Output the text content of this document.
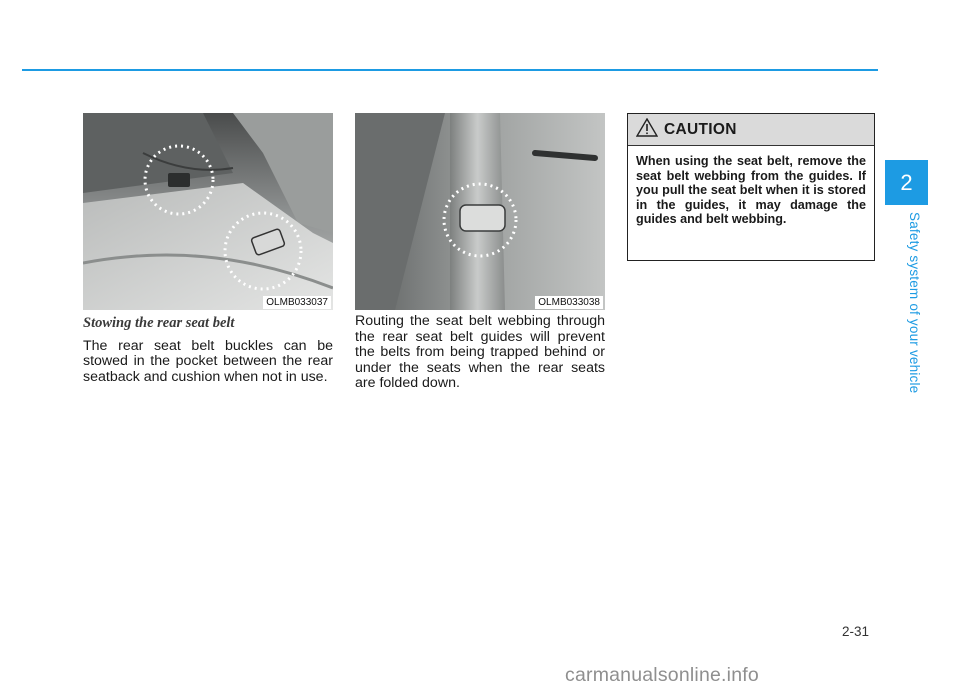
OLMB033037	OLMB033038
Stowing the rear seat belt

The rear seat belt buckles can be stowed in the pocket between the rear seatback and cushion when not in use.

Routing the seat belt webbing through the rear seat belt guides will prevent the belts from being trapped behind or under the seats when the rear seats are folded down.

CAUTION
When using the seat belt, remove the seat belt webbing from the guides. If you pull the seat belt when it is stored in the guides, it may damage the guides and belt webbing.
2
Safety system of your vehicle
2-31
carmanualsonline.info
